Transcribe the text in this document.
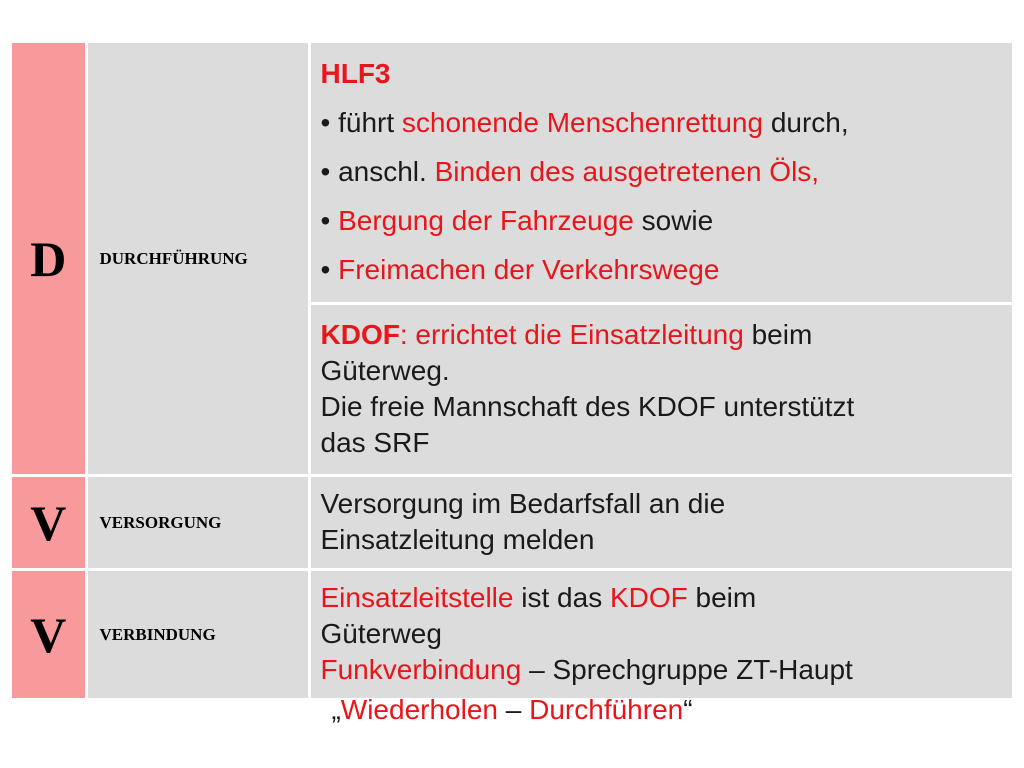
D	DURCHFÜHRUNG	HLF3
• führt schonende Menschenrettung durch,
• anschl. Binden des ausgetretenen Öls,
• Bergung der Fahrzeuge sowie
• Freimachen der Verkehrswege

		KDOF: errichtet die Einsatzleitung beim
Güterweg.
Die freie Mannschaft des KDOF unterstützt
das SRF

V	VERSORGUNG	Versorgung im Bedarfsfall an die
Einsatzleitung melden

V	VERBINDUNG	Einsatzleitstelle ist das KDOF beim
Güterweg
Funkverbindung – Sprechgruppe ZT-Haupt
„Wiederholen – Durchführen“
